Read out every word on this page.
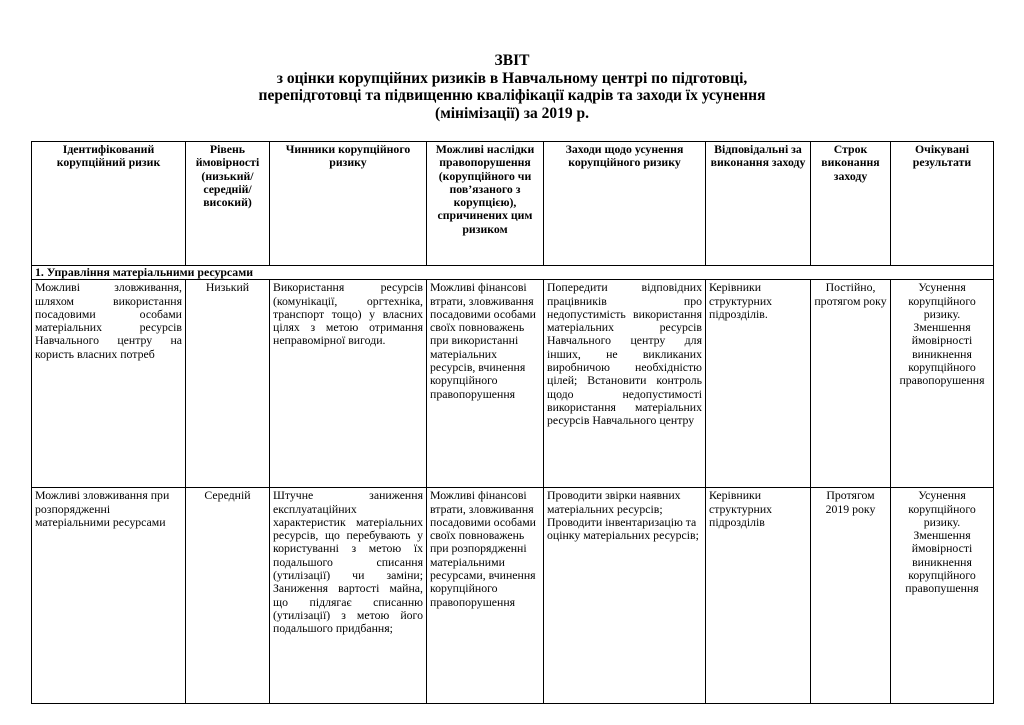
ЗВІТ
з оцінки корупційних ризиків в Навчальному центрі по підготовці,
перепідготовці та підвищенню кваліфікації кадрів та заходи їх усунення
(мінімізації) за 2019 р.
Ідентифікований корупційний ризик	Рівень ймовірності (низький/ середній/ високий)	Чинники корупційного ризику	Можливі наслідки правопорушення (корупційного чи пов’язаного з корупцією), спричинених цим ризиком	Заходи щодо усунення корупційного ризику	Відповідальні за виконання заходу	Строк виконання заходу	Очікувані результати
1. Управління матеріальними ресурсами							
Можливі зловживання, шляхом використання посадовими особами матеріальних ресурсів Навчального центру на користь власних потреб	Низький	Використання ресурсів (комунікації, оргтехніка, транспорт тощо) у власних цілях з метою отримання неправомірної вигоди.	Можливі фінансові втрати, зловживання посадовими особами своїх повноважень при використанні матеріальних ресурсів, вчинення корупційного правопорушення	Попередити відповідних працівників про недопустимість використання матеріальних ресурсів Навчального центру для інших, не викликаних виробничою необхідністю цілей; Встановити контроль щодо недопустимості використання матеріальних ресурсів Навчального центру	Керівники структурних підрозділів.	Постійно, протягом року	Усунення корупційного ризику. Зменшення ймовірності виникнення корупційного правопорушення
Можливі зловживання при розпорядженні матеріальними ресурсами	Середній	Штучне заниження експлуатаційних характеристик матеріальних ресурсів, що перебувають у користуванні з метою їх подальшого списання (утилізації) чи заміни; Заниження вартості майна, що підлягає списанню (утилізації) з метою його подальшого придбання;	Можливі фінансові втрати, зловживання посадовими особами своїх повноважень при розпорядженні матеріальними ресурсами, вчинення корупційного правопорушення	Проводити звірки наявних матеріальних ресурсів; Проводити інвентаризацію та оцінку матеріальних ресурсів;	Керівники структурних підрозділів	Протягом 2019 року	Усунення корупційного ризику. Зменшення ймовірності виникнення корупційного правопушення
